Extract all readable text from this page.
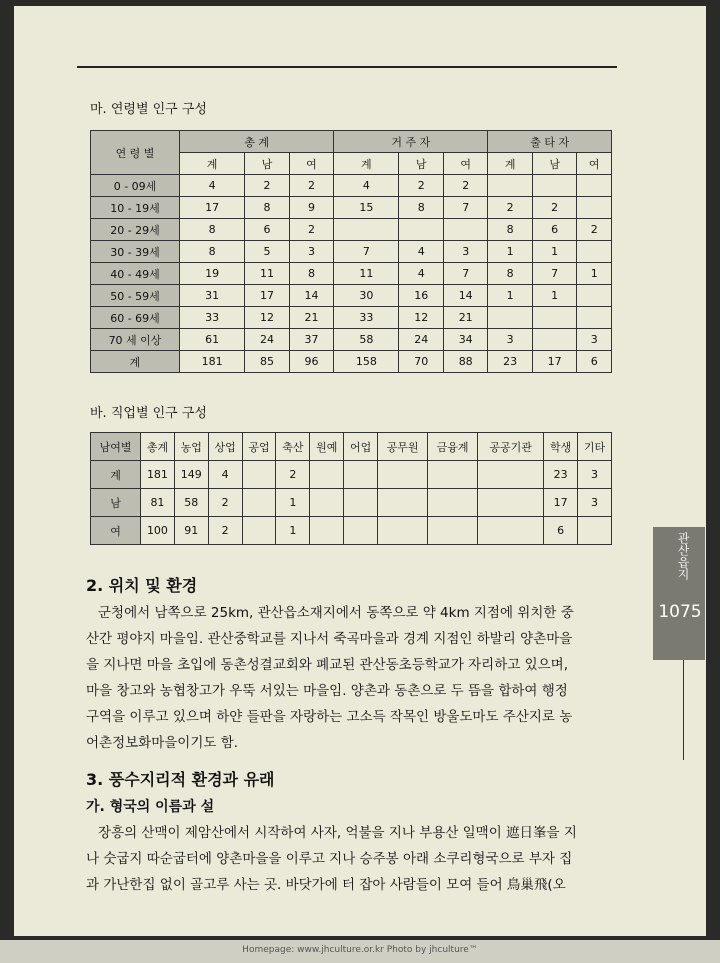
마. 연령별 인구 구성
연 령 별	총 계			거 주 자			출 타 자		
	계	남	여	계	남	여	계	남	여
0 - 09세	4	2	2	4	2	2			
10 - 19세	17	8	9	15	8	7	2	2	
20 - 29세	8	6	2				8	6	2
30 - 39세	8	5	3	7	4	3	1	1	
40 - 49세	19	11	8	11	4	7	8	7	1
50 - 59세	31	17	14	30	16	14	1	1	
60 - 69세	33	12	21	33	12	21			
70 세 이상	61	24	37	58	24	34	3		3
계	181	85	96	158	70	88	23	17	6
바. 직업별 인구 구성
남여별	총계	농업	상업	공업	축산	원예	어업	공무원	금융계	공공기관	학생	기타
계	181	149	4		2						23	3
남	81	58	2		1						17	3
여	100	91	2		1						6	
2. 위치 및 환경

군청에서 남쪽으로 25km, 관산읍소재지에서 동쪽으로 약 4km 지점에 위치한 중

산간 평야지 마을임. 관산중학교를 지나서 죽곡마을과 경계 지점인 하발리 양촌마을

을 지나면 마을 초입에 동촌성결교회와 폐교된 관산동초등학교가 자리하고 있으며,

마을 창고와 농협창고가 우뚝 서있는 마을임. 양촌과 동촌으로 두 뜸을 합하여 행정

구역을 이루고 있으며 하얀 들판을 자랑하는 고소득 작목인 방울도마도 주산지로 농

어촌정보화마을이기도 함.

3. 풍수지리적 환경과 유래
가. 형국의 이름과 설

장흥의 산맥이 제암산에서 시작하여 사자, 억불을 지나 부용산 일맥이 遮日峯을 지

나 숫굽지 따순굽터에 양촌마을을 이루고 지나 승주봉 아래 소쿠리형국으로 부자 집

과 가난한집 없이 골고루 사는 곳. 바닷가에 터 잡아 사람들이 모여 들어 鳥巢飛(오

관산읍지
1075
Homepage: www.jhculture.or.kr Photo by jhculture™
